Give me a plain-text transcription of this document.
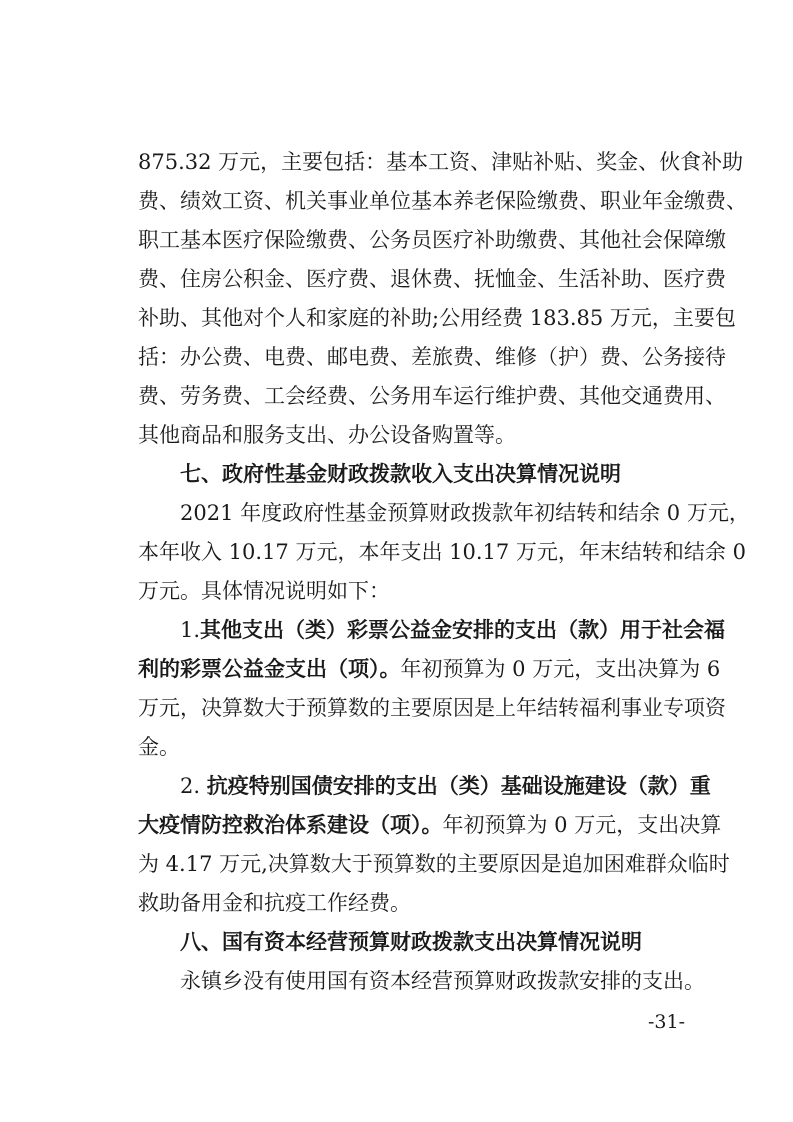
875.32 万元，主要包括：基本工资、津贴补贴、奖金、伙食补助
费、绩效工资、机关事业单位基本养老保险缴费、职业年金缴费、
职工基本医疗保险缴费、公务员医疗补助缴费、其他社会保障缴
费、住房公积金、医疗费、退休费、抚恤金、生活补助、医疗费
补助、其他对个人和家庭的补助;公用经费 183.85 万元，主要包
括：办公费、电费、邮电费、差旅费、维修（护）费、公务接待
费、劳务费、工会经费、公务用车运行维护费、其他交通费用、
其他商品和服务支出、办公设备购置等。
七、政府性基金财政拨款收入支出决算情况说明
2021 年度政府性基金预算财政拨款年初结转和结余 0 万元，
本年收入 10.17 万元，本年支出 10.17 万元，年末结转和结余 0
万元。具体情况说明如下：
1.其他支出（类）彩票公益金安排的支出（款）用于社会福
利的彩票公益金支出（项）。年初预算为 0 万元，支出决算为 6
万元，决算数大于预算数的主要原因是上年结转福利事业专项资
金。
2. 抗疫特别国债安排的支出（类）基础设施建设（款）重
大疫情防控救治体系建设（项）。年初预算为 0 万元，支出决算
为 4.17 万元,决算数大于预算数的主要原因是追加困难群众临时
救助备用金和抗疫工作经费。
八、国有资本经营预算财政拨款支出决算情况说明
永镇乡没有使用国有资本经营预算财政拨款安排的支出。
-31-
